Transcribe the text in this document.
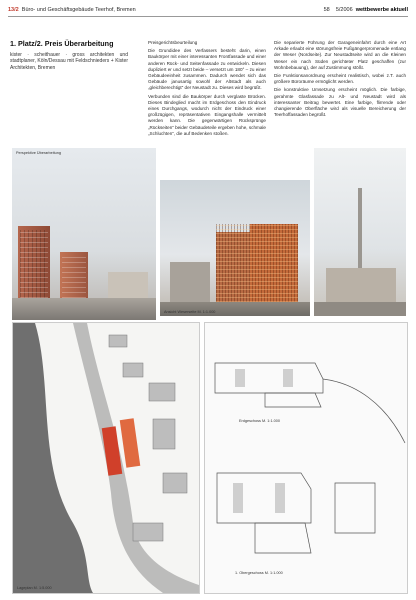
13/2 Büro- und Geschäftsgebäude Teerhof, Bremen	58 5/2006 wettbewerbe aktuell
1. Platz/2. Preis Überarbeitung
kister · scheithauer · gross architekten und stadtplaner, Köln/Dessau mit Feldschnieders + Kister Architekten, Bremen
Preisgerichtsbeurteilung
Die Grundidee des Verfassers besteht darin, einen Baukörper mit einer interessanten Frontfassade und einer anderen Rück- und Seitenfassade zu entwickeln. Diesen dupliziert er und setzt beide – versetzt um 180° – zu einer Gebäudeeinheit zusammen. Dadurch wendet sich das Gebäude janusartig sowohl der Altstadt als auch „gleichberechtigt“ der Neustadt zu. Dieses wird begrüßt.
Verbunden sind die Baukörper durch verglaste Brücken. Dieses Bindeglied macht im Erdgeschoss den Eindruck eines Durchgangs, wodurch nicht der Eindruck einer großzügigen, repräsentativen Eingangshalle vermittelt werden kann. Die gegenwärtigen Rücksprünge „Rückseiten“ beider Gebäudeteile ergeben hohe, schmale „Schluchten“, die auf Bedenken stoßen.
Die separierte Führung der Garageneinfahrt durch eine Art Arkade erlaubt eine störungsfreie Fußgängerpromenade entlang der Weser (Nordseite). Zur Neustadtseite wird an die Kleinen Weser ein nach Süden gerichteter Platz geschaffen (zur Wohnbebauung), der auf Zustimmung stößt.
Die Funktionsanordnung erscheint realistisch, wobei z.T. auch größere Büroräume ermöglicht werden.
Die konstruktive Umsetzung erscheint möglich. Die farbige, gerahmte Glasfassade zu Alt- und Neustadt wird als interessanter Beitrag bewertet. Eine farbige, flirrende oder changierende Oberfläche wird als visuelle Bereicherung der Teerhoffassaden begrüßt.
Perspektive Überarbeitung
Ansicht Weserseite M. 1:1.000
Lageplan M. 1:5.000
Erdgeschoss M. 1:1.000
1. Obergeschoss M. 1:1.000
